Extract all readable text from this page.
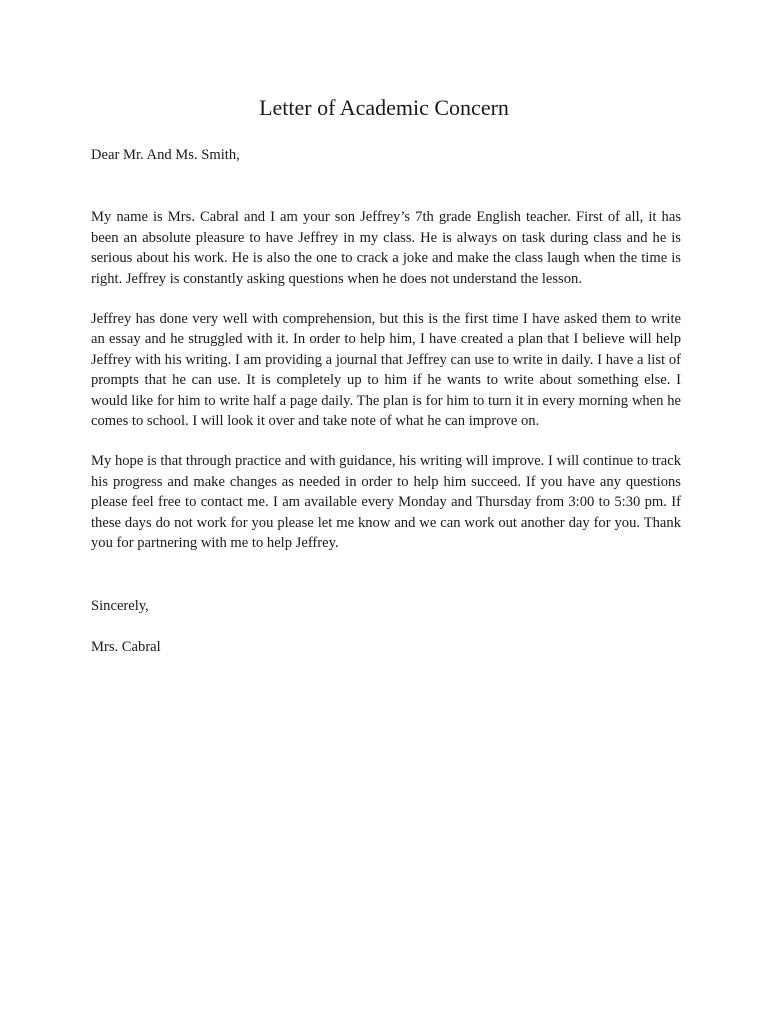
Letter of Academic Concern

Dear Mr. And Ms. Smith,

My name is Mrs. Cabral and I am your son Jeffrey’s 7th grade English teacher. First of all, it has been an absolute pleasure to have Jeffrey in my class. He is always on task during class and he is serious about his work. He is also the one to crack a joke and make the class laugh when the time is right. Jeffrey is constantly asking questions when he does not understand the lesson.

Jeffrey has done very well with comprehension, but this is the first time I have asked them to write an essay and he struggled with it. In order to help him, I have created a plan that I believe will help Jeffrey with his writing. I am providing a journal that Jeffrey can use to write in daily. I have a list of prompts that he can use. It is completely up to him if he wants to write about something else. I would like for him to write half a page daily. The plan is for him to turn it in every morning when he comes to school. I will look it over and take note of what he can improve on.

My hope is that through practice and with guidance, his writing will improve. I will continue to track his progress and make changes as needed in order to help him succeed. If you have any questions please feel free to contact me. I am available every Monday and Thursday from 3:00 to 5:30 pm. If these days do not work for you please let me know and we can work out another day for you. Thank you for partnering with me to help Jeffrey.

Sincerely,

Mrs. Cabral
